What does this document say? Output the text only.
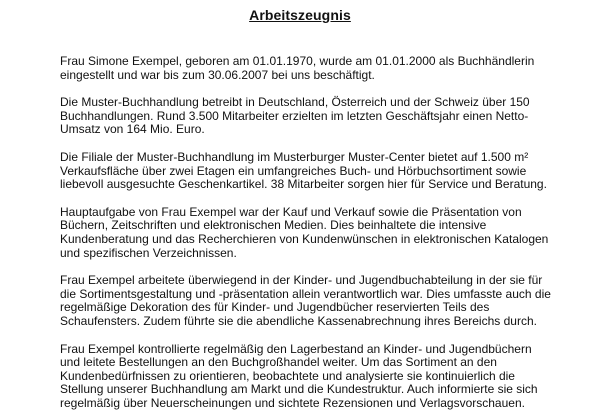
Arbeitszeugnis

Frau Simone Exempel, geboren am 01.01.1970, wurde am 01.01.2000 als Buchhändlerin
eingestellt und war bis zum 30.06.2007 bei uns beschäftigt.

Die Muster-Buchhandlung betreibt in Deutschland, Österreich und der Schweiz über 150
Buchhandlungen. Rund 3.500 Mitarbeiter erzielten im letzten Geschäftsjahr einen Netto-
Umsatz von 164 Mio. Euro.

Die Filiale der Muster-Buchhandlung im Musterburger Muster-Center bietet auf 1.500 m²
Verkaufsfläche über zwei Etagen ein umfangreiches Buch- und Hörbuchsortiment sowie
liebevoll ausgesuchte Geschenkartikel. 38 Mitarbeiter sorgen hier für Service und Beratung.

Hauptaufgabe von Frau Exempel war der Kauf und Verkauf sowie die Präsentation von
Büchern, Zeitschriften und elektronischen Medien. Dies beinhaltete die intensive
Kundenberatung und das Recherchieren von Kundenwünschen in elektronischen Katalogen
und spezifischen Verzeichnissen.

Frau Exempel arbeitete überwiegend in der Kinder- und Jugendbuchabteilung in der sie für
die Sortimentsgestaltung und -präsentation allein verantwortlich war. Dies umfasste auch die
regelmäßige Dekoration des für Kinder- und Jugendbücher reservierten Teils des
Schaufensters. Zudem führte sie die abendliche Kassenabrechnung ihres Bereichs durch.

Frau Exempel kontrollierte regelmäßig den Lagerbestand an Kinder- und Jugendbüchern
und leitete Bestellungen an den Buchgroßhandel weiter. Um das Sortiment an den
Kundenbedürfnissen zu orientieren, beobachtete und analysierte sie kontinuierlich die
Stellung unserer Buchhandlung am Markt und die Kundestruktur. Auch informierte sie sich
regelmäßig über Neuerscheinungen und sichtete Rezensionen und Verlagsvorschauen.
